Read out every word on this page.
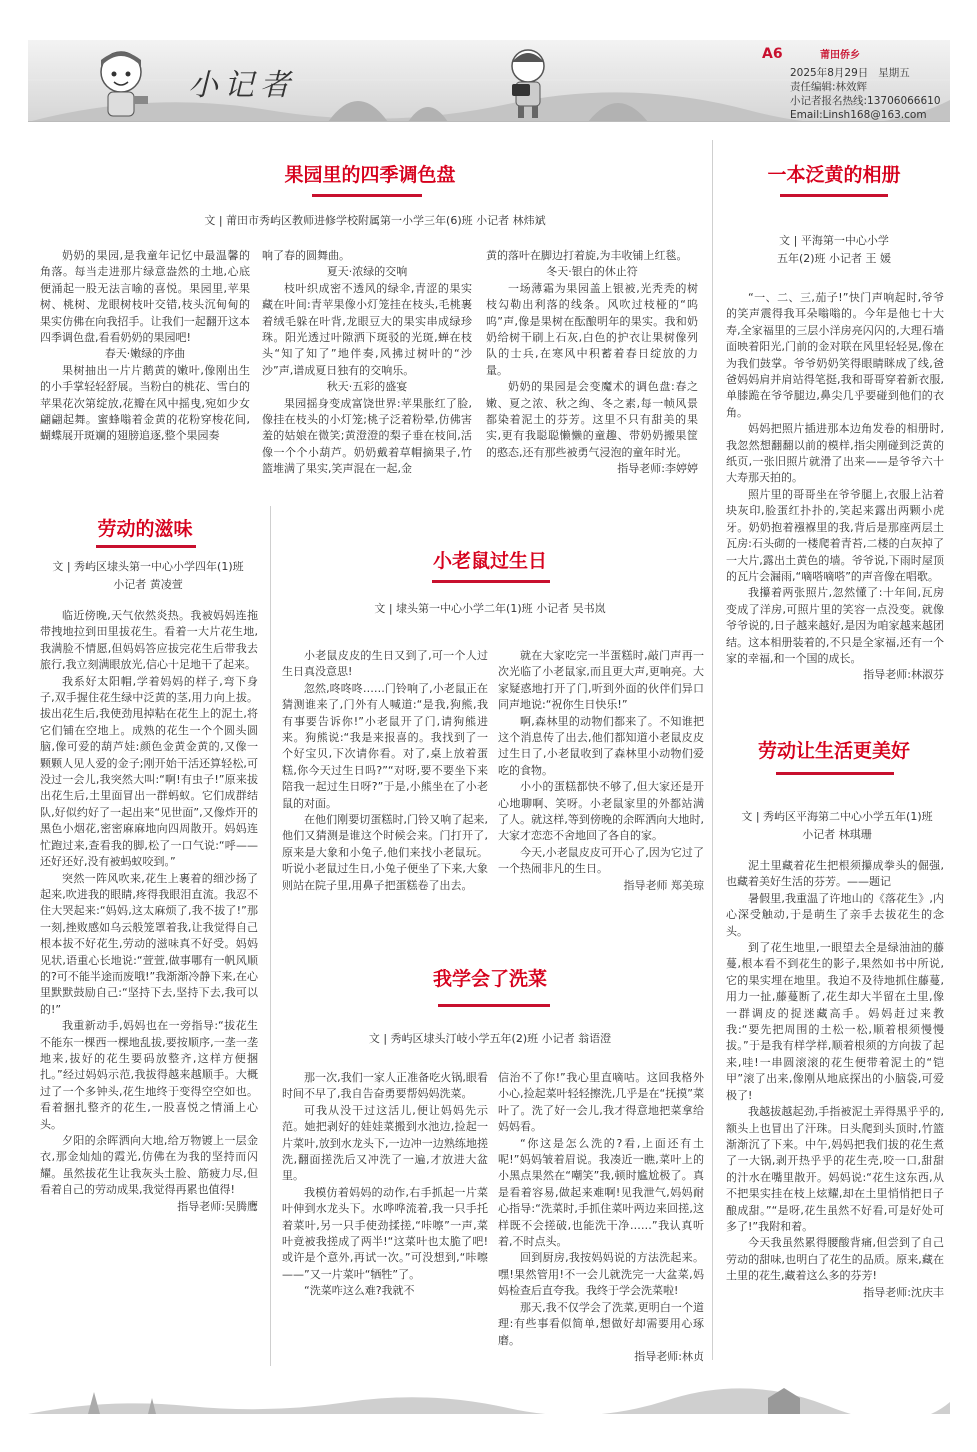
小记者
A6	莆田侨乡
2025年8月29日 星期五
责任编辑:林效辉
小记者报名热线:13706066610
Email:Linsh168@163.com
果园里的四季调色盘
文 | 莆田市秀屿区教师进修学校附属第一小学三年(6)班 小记者 林炜斌

奶奶的果园,是我童年记忆中最温馨的角落。每当走进那片绿意盎然的土地,心底便涌起一股无法言喻的喜悦。果园里,苹果树、桃树、龙眼树枝叶交错,枝头沉甸甸的果实仿佛在向我招手。让我们一起翻开这本四季调色盘,看看奶奶的果园吧!

春天·嫩绿的序曲

果树抽出一片片鹅黄的嫩叶,像刚出生的小手掌轻轻舒展。当粉白的桃花、雪白的苹果花次第绽放,花瓣在风中摇曳,宛如少女翩翩起舞。蜜蜂嗡着金黄的花粉穿梭花间,蝴蝶展开斑斓的翅膀追逐,整个果园奏

响了春的圆舞曲。

夏天·浓绿的交响

枝叶织成密不透风的绿伞,青涩的果实藏在叶间:青苹果像小灯笼挂在枝头,毛桃裹着绒毛躲在叶背,龙眼豆大的果实串成绿珍珠。阳光透过叶隙洒下斑驳的光斑,蝉在枝头“知了知了”地伴奏,风拂过树叶的“沙沙”声,谱成夏日独有的交响乐。

秋天·五彩的盛宴

果园摇身变成富饶世界:苹果胀红了脸,像挂在枝头的小灯笼;桃子泛着粉晕,仿佛害羞的姑娘在微笑;黄澄澄的梨子垂在枝间,活像一个个小葫芦。奶奶戴着草帽摘果子,竹篮堆满了果实,笑声混在一起,金

黄的落叶在脚边打着旋,为丰收铺上红毯。

冬天·银白的休止符

一场薄霜为果园盖上银被,光秃秃的树枝勾勒出利落的线条。风吹过枝桠的“呜呜”声,像是果树在酝酿明年的果实。我和奶奶给树干刷上石灰,白色的护衣让果树像列队的士兵,在寒风中积蓄着春日绽放的力量。

奶奶的果园是会变魔术的调色盘:春之嫩、夏之浓、秋之绚、冬之素,每一帧风景都染着泥土的芬芳。这里不只有甜美的果实,更有我聪聪懒懒的童趣、带奶奶搬果筐的憨态,还有那些被勇气浸泡的童年时光。

指导老师:李婷婷

一本泛黄的相册
文 | 平海第一中心小学
五年(2)班 小记者 王 媛

“一、二、三,茄子!”快门声响起时,爷爷的笑声震得我耳朵嗡嗡的。今年是他七十大寿,全家福里的三层小洋房亮闪闪的,大理石墙面映着阳光,门前的金对联在风里轻轻晃,像在为我们鼓掌。爷爷奶奶笑得眼睛眯成了线,爸爸妈妈肩并肩站得笔挺,我和哥哥穿着新衣服,单膝跪在爷爷腿边,鼻尖几乎要碰到他们的衣角。

妈妈把照片插进那本边角发卷的相册时,我忽然想翻翻以前的模样,指尖刚碰到泛黄的纸页,一张旧照片就滑了出来——是爷爷六十大寿那天拍的。

照片里的哥哥坐在爷爷腿上,衣服上沾着块灰印,脸蛋红扑扑的,笑起来露出两颗小虎牙。奶奶抱着襁褓里的我,背后是那座两层土瓦房:石头砌的一楼爬着青苔,二楼的白灰掉了一大片,露出土黄色的墙。爷爷说,下雨时屋顶的瓦片会漏雨,“嘀嗒嘀嗒”的声音像在唱歌。

我攥着两张照片,忽然懂了:十年间,瓦房变成了洋房,可照片里的笑容一点没变。就像爷爷说的,日子越来越好,是因为咱家越来越团结。这本相册装着的,不只是全家福,还有一个家的幸福,和一个国的成长。

指导老师:林淑芬

劳动的滋味
文 | 秀屿区埭头第一中心小学四年(1)班
小记者 黄凌萱

临近傍晚,天气依然炎热。我被妈妈连拖带拽地拉到田里拔花生。看着一大片花生地,我满脸不情愿,但妈妈答应拔完花生后带我去旅行,我立刻满眼放光,信心十足地干了起来。

我系好太阳帽,学着妈妈的样子,弯下身子,双手握住花生绿中泛黄的茎,用力向上拔。拔出花生后,我使劲甩掉粘在花生上的泥土,将它们铺在空地上。成熟的花生一个个圆头圆脑,像可爱的葫芦娃:颜色金黄金黄的,又像一颗颗人见人爱的金子;刚开始干活还算轻松,可没过一会儿,我突然大叫:“啊!有虫子!”原来拔出花生后,土里面冒出一群蚂蚁。它们成群结队,好似约好了一起出来“见世面”,又像炸开的黑色小烟花,密密麻麻地向四周散开。妈妈连忙跑过来,查看我的脚,松了一口气说:“呼——还好还好,没有被蚂蚁咬到。”

突然一阵风吹来,花生上裹着的细沙扬了起来,吹进我的眼睛,疼得我眼泪直流。我忍不住大哭起来:“妈妈,这太麻烦了,我不拔了!”那一刻,挫败感如乌云般笼罩着我,让我觉得自己根本拔不好花生,劳动的滋味真不好受。妈妈见状,语重心长地说:“萱萱,做事哪有一帆风顺的?可不能半途而废哦!”我渐渐冷静下来,在心里默默鼓励自己:“坚持下去,坚持下去,我可以的!”

我重新动手,妈妈也在一旁指导:“拔花生不能东一棵西一棵地乱拔,要按顺序,一垄一垄地来,拔好的花生要码放整齐,这样方便捆扎。”经过妈妈示范,我拔得越来越顺手。大概过了一个多钟头,花生地终于变得空空如也。看着捆扎整齐的花生,一股喜悦之情涌上心头。

夕阳的余晖洒向大地,给万物镀上一层金衣,那金灿灿的霞光,仿佛在为我的坚持而闪耀。虽然拔花生让我灰头土脸、筋疲力尽,但看着自己的劳动成果,我觉得再累也值得!

指导老师:吴腾鹰

小老鼠过生日
文 | 埭头第一中心小学二年(1)班 小记者 吴书岚

小老鼠皮皮的生日又到了,可一个人过生日真没意思!

忽然,咚咚咚……门铃响了,小老鼠正在猜测谁来了,门外有人喊道:“是我,狗熊,我有事要告诉你!”小老鼠开了门,请狗熊进来。狗熊说:“我是来报喜的。我找到了一个好宝贝,下次请你看。对了,桌上放着蛋糕,你今天过生日吗?”“对呀,要不要坐下来陪我一起过生日呀?”于是,小熊坐在了小老鼠的对面。

在他们刚要切蛋糕时,门铃又响了起来,他们又猜测是谁这个时候会来。门打开了,原来是大象和小兔子,他们来找小老鼠玩。听说小老鼠过生日,小兔子便坐了下来,大象则站在院子里,用鼻子把蛋糕卷了出去。

就在大家吃完一半蛋糕时,敲门声再一次光临了小老鼠家,而且更大声,更响亮。大家疑惑地打开了门,听到外面的伙伴们异口同声地说:“祝你生日快乐!”

啊,森林里的动物们都来了。不知谁把这个消息传了出去,他们都知道小老鼠皮皮过生日了,小老鼠收到了森林里小动物们爱吃的食物。

小小的蛋糕都快不够了,但大家还是开心地聊啊、笑呀。小老鼠家里的外都站满了人。就这样,等到傍晚的余晖洒向大地时,大家才恋恋不舍地回了各自的家。

今天,小老鼠皮皮可开心了,因为它过了一个热闹非凡的生日。

指导老师 郑美琼

我学会了洗菜
文 | 秀屿区埭头汀岐小学五年(2)班 小记者 翁语澄

那一次,我们一家人正准备吃火锅,眼看时间不早了,我自告奋勇要帮妈妈洗菜。

可我从没干过这活儿,便让妈妈先示范。她把剥好的娃娃菜搬到水池边,捡起一片菜叶,放到水龙头下,一边冲一边熟练地搓洗,翻面搓洗后又冲洗了一遍,才放进大盆里。

我模仿着妈妈的动作,右手抓起一片菜叶伸到水龙头下。水哗哗流着,我一只手托着菜叶,另一只手使劲揉搓,“咔嚓”一声,菜叶竟被我搓成了两半!“这菜叶也太脆了吧!或许是个意外,再试一次。”可没想到,“咔嚓——”又一片菜叶“牺牲”了。

“洗菜咋这么难?我就不

信治不了你!”我心里直嘀咕。这回我格外小心,捡起菜叶轻轻擦洗,几乎是在“抚摸”菜叶了。洗了好一会儿,我才得意地把菜拿给妈妈看。

“你这是怎么洗的?看,上面还有土呢!”妈妈皱着眉说。我凑近一瞧,菜叶上的小黑点果然在“嘲笑”我,顿时尴尬极了。真是看着容易,做起来难啊!见我泄气,妈妈耐心指导:“洗菜时,手抓住菜叶两边来回搓,这样既不会搓破,也能洗干净……”我认真听着,不时点头。

回到厨房,我按妈妈说的方法洗起来。嘿!果然管用!不一会儿就洗完一大盆菜,妈妈检查后直夸我。我终于学会洗菜啦!

那天,我不仅学会了洗菜,更明白一个道理:有些事看似简单,想做好却需要用心琢磨。

指导老师:林贞

劳动让生活更美好
文 | 秀屿区平海第二中心小学五年(1)班
小记者 林琪珊

泥土里藏着花生把根须攥成拳头的倔强,也藏着美好生活的芬芳。——题记

暑假里,我重温了许地山的《落花生》,内心深受触动,于是萌生了亲手去拔花生的念头。

到了花生地里,一眼望去全是绿油油的藤蔓,根本看不到花生的影子,果然如书中所说,它的果实埋在地里。我迫不及待地抓住藤蔓,用力一扯,藤蔓断了,花生却大半留在土里,像一群调皮的捉迷藏高手。妈妈赶过来教我:“要先把周围的土松一松,顺着根须慢慢拔。”于是我有样学样,顺着根须的方向拔了起来,哇!一串圆滚滚的花生便带着泥土的“铠甲”滚了出来,像刚从地底探出的小脑袋,可爱极了!

我越拔越起劲,手指被泥土弄得黑乎乎的,额头上也冒出了汗珠。日头爬到头顶时,竹篮渐渐沉了下来。中午,妈妈把我们拔的花生煮了一大锅,剥开热乎乎的花生壳,咬一口,甜甜的汁水在嘴里散开。妈妈说:“花生这东西,从不把果实挂在枝上炫耀,却在土里悄悄把日子酿成甜。”“是呀,花生虽然不好看,可是好处可多了!”我附和着。

今天我虽然累得腰酸背痛,但尝到了自己劳动的甜味,也明白了花生的品质。原来,藏在土里的花生,藏着这么多的芬芳!

指导老师:沈庆丰
